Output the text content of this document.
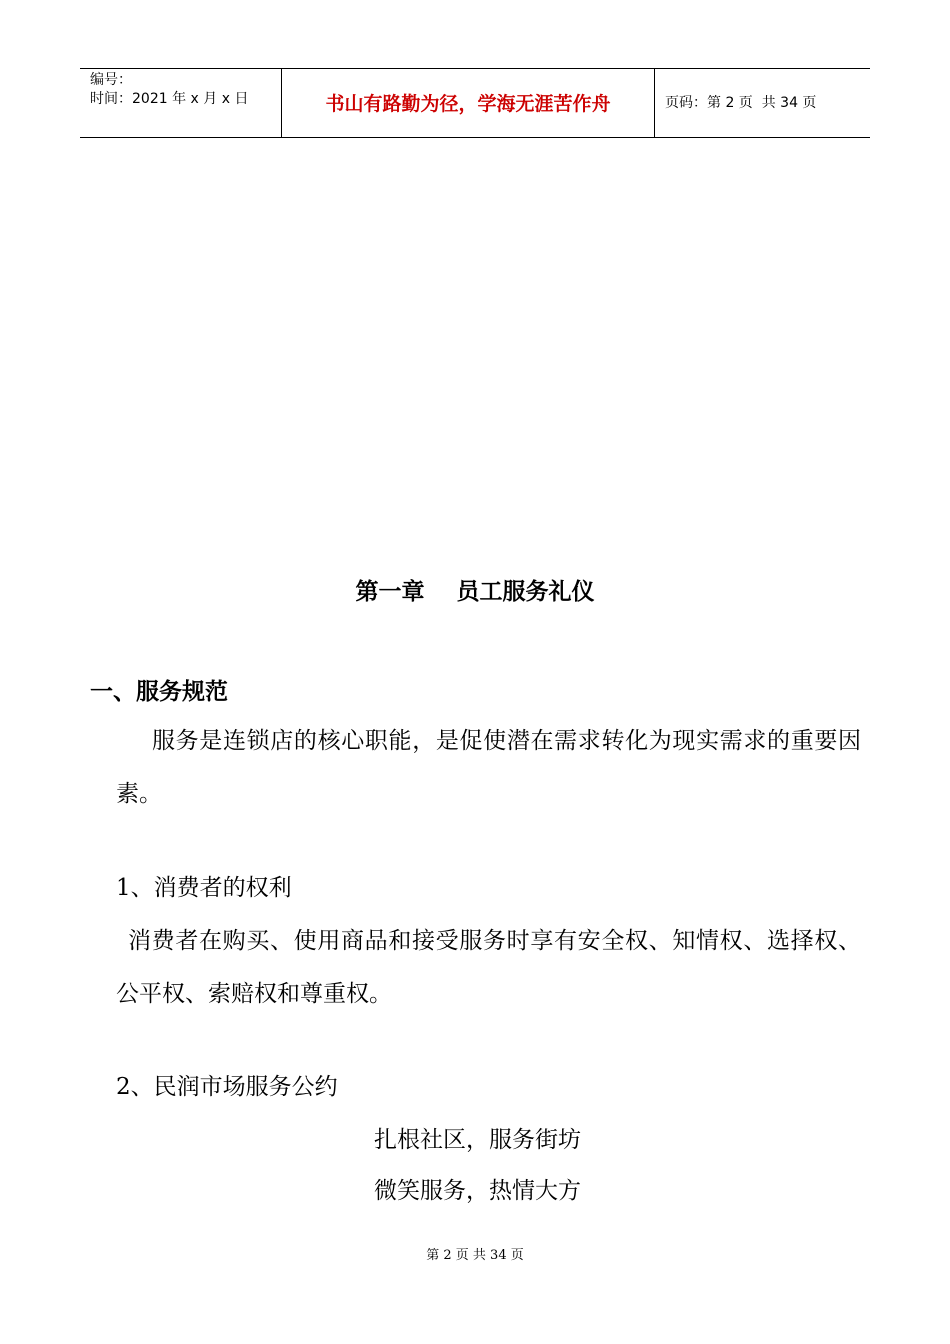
编号：
时间：2021 年 x 月 x 日	书山有路勤为径，学海无涯苦作舟	页码：第 2 页  共 34 页
第一章    员工服务礼仪
一、服务规范
服务是连锁店的核心职能，是促使潜在需求转化为现实需求的重要因素。
1、消费者的权利
消费者在购买、使用商品和接受服务时享有安全权、知情权、选择权、公平权、索赔权和尊重权。
2、民润市场服务公约
扎根社区，服务街坊
微笑服务，热情大方
第 2 页 共 34 页
